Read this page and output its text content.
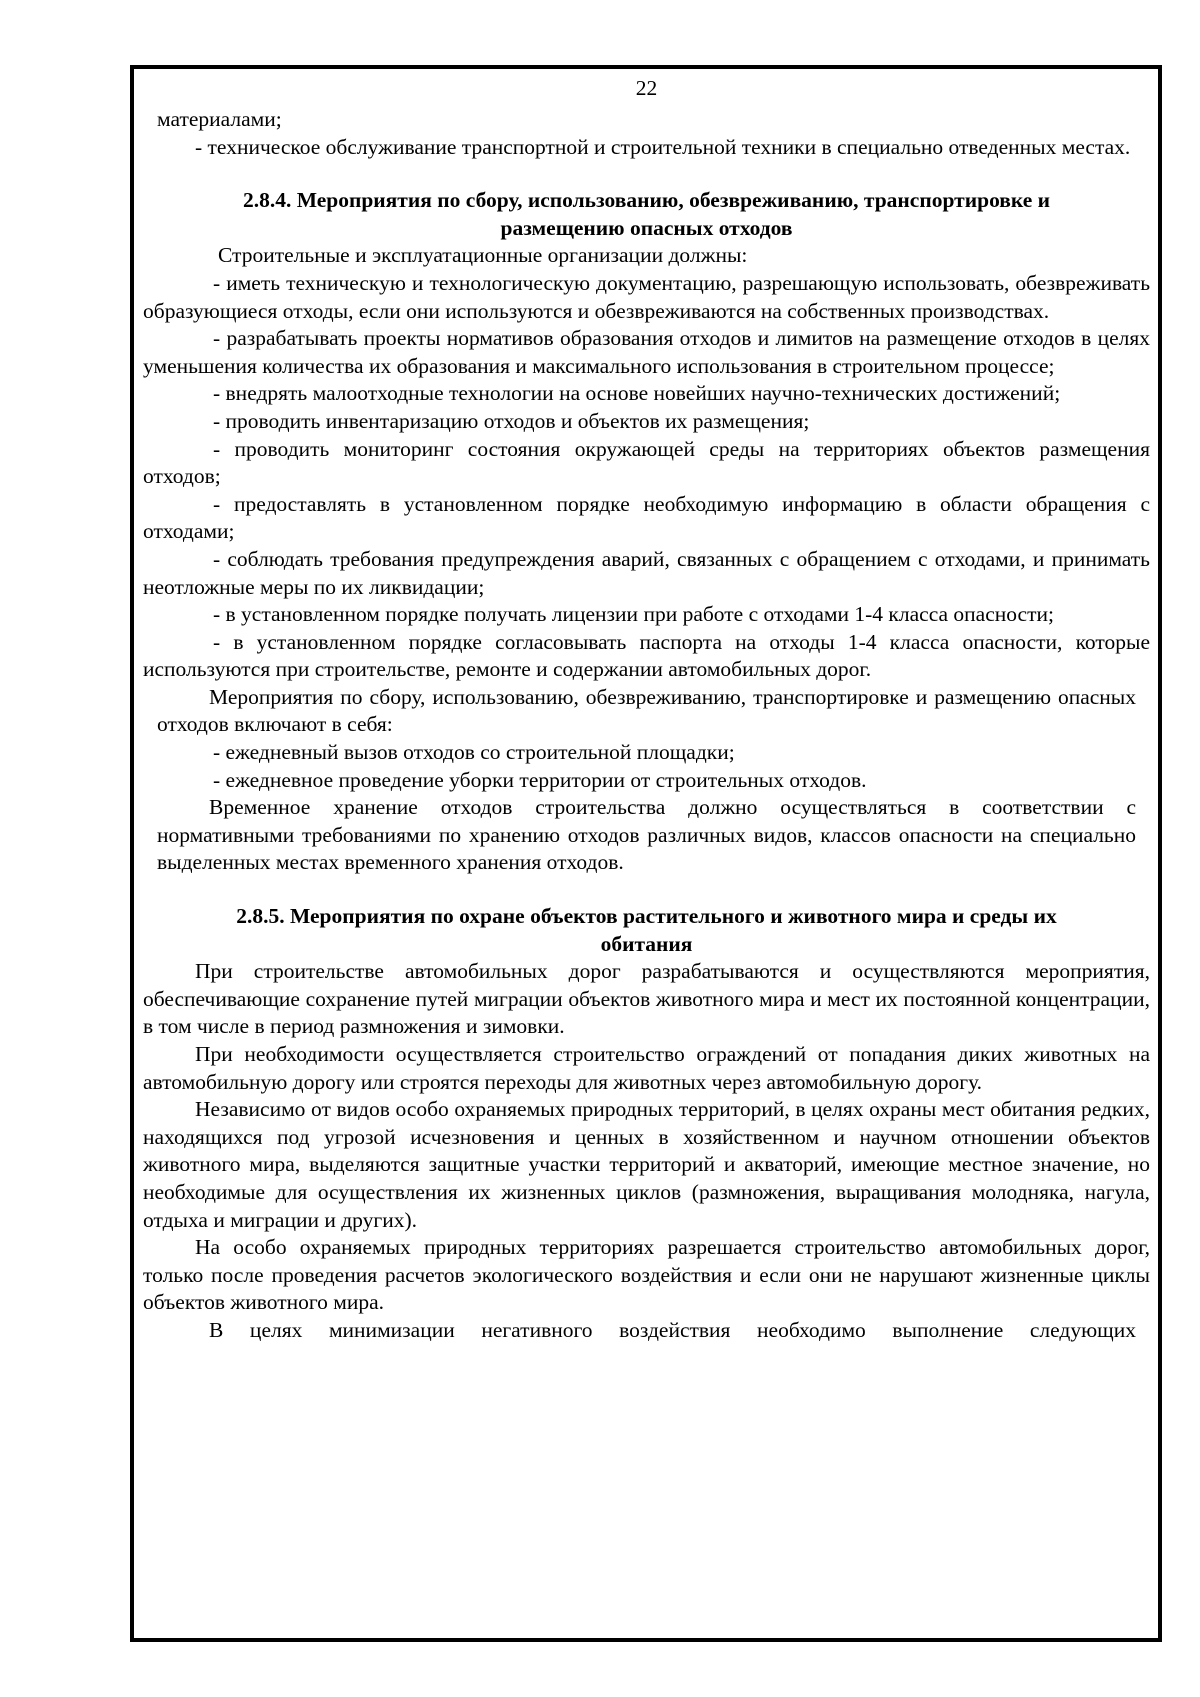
22

материалами;

- техническое обслуживание транспортной и строительной техники в специально отведенных местах.

2.8.4. Мероприятия по сбору, использованию, обезвреживанию, транспортировке и размещению опасных отходов

Строительные и эксплуатационные организации должны:

- иметь техническую и технологическую документацию, разрешающую использовать, обезвреживать образующиеся отходы, если они используются и обезвреживаются на собственных производствах.

- разрабатывать проекты нормативов образования отходов и лимитов на размещение отходов в целях уменьшения количества их образования и максимального использования в строительном процессе;

- внедрять малоотходные технологии на основе новейших научно-технических достижений;

- проводить инвентаризацию отходов и объектов их размещения;

- проводить мониторинг состояния окружающей среды на территориях объектов размещения отходов;

- предоставлять в установленном порядке необходимую информацию в области обращения с отходами;

- соблюдать требования предупреждения аварий, связанных с обращением с отходами, и принимать неотложные меры по их ликвидации;

- в установленном порядке получать лицензии при работе с отходами 1-4 класса опасности;

- в установленном порядке согласовывать паспорта на отходы 1-4 класса опасности, которые используются при строительстве, ремонте и содержании автомобильных дорог.

Мероприятия по сбору, использованию, обезвреживанию, транспортировке и размещению опасных отходов включают в себя:

- ежедневный вызов отходов со строительной площадки;

- ежедневное проведение уборки территории от строительных отходов.

Временное хранение отходов строительства должно осуществляться в соответствии с нормативными требованиями по хранению отходов различных видов, классов опасности на специально выделенных местах временного хранения отходов.

2.8.5. Мероприятия по охране объектов растительного и животного мира и среды их обитания

При строительстве автомобильных дорог разрабатываются и осуществляются мероприятия, обеспечивающие сохранение путей миграции объектов животного мира и мест их постоянной концентрации, в том числе в период размножения и зимовки.

При необходимости осуществляется строительство ограждений от попадания диких животных на автомобильную дорогу или строятся переходы для животных через автомобильную дорогу.

Независимо от видов особо охраняемых природных территорий, в целях охраны мест обитания редких, находящихся под угрозой исчезновения и ценных в хозяйственном и научном отношении объектов животного мира, выделяются защитные участки территорий и акваторий, имеющие местное значение, но необходимые для осуществления их жизненных циклов (размножения, выращивания молодняка, нагула, отдыха и миграции и других).

На особо охраняемых природных территориях разрешается строительство автомобильных дорог, только после проведения расчетов экологического воздействия и если они не нарушают жизненные циклы объектов животного мира.

В целях минимизации негативного воздействия необходимо выполнение следующих
